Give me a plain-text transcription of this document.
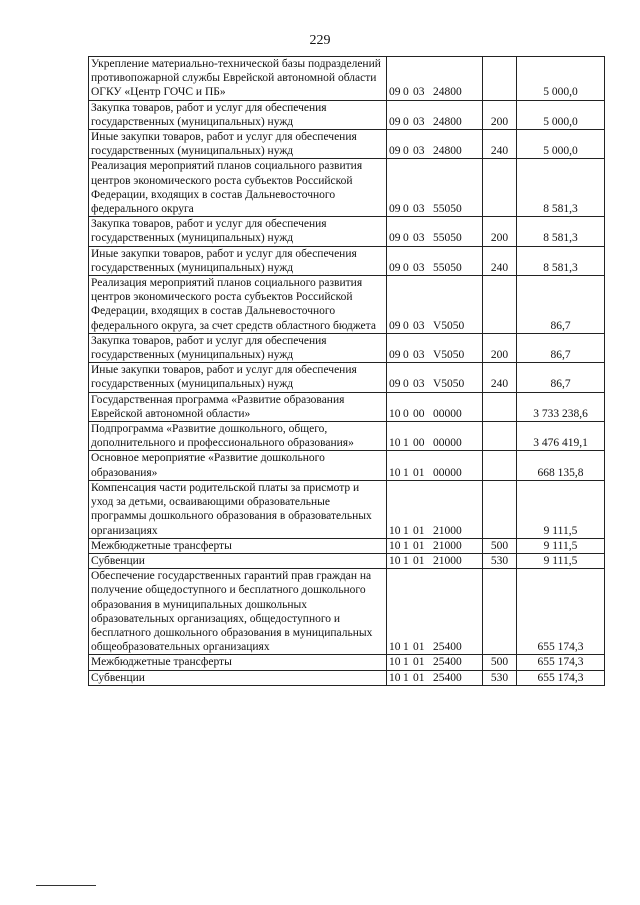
229
Укрепление материально-технической базы подразделений противопожарной службы Еврейской автономной области ОГКУ «Центр ГОЧС и ПБ»	09 0 03 24800		5 000,0
Закупка товаров, работ и услуг для обеспечения государственных (муниципальных) нужд	09 0 03 24800	200	5 000,0
Иные закупки товаров, работ и услуг для обеспечения государственных (муниципальных) нужд	09 0 03 24800	240	5 000,0
Реализация мероприятий планов социального развития центров экономического роста субъектов Российской Федерации, входящих в состав Дальневосточного федерального округа	09 0 03 55050		8 581,3
Закупка товаров, работ и услуг для обеспечения государственных (муниципальных) нужд	09 0 03 55050	200	8 581,3
Иные закупки товаров, работ и услуг для обеспечения государственных (муниципальных) нужд	09 0 03 55050	240	8 581,3
Реализация мероприятий планов социального развития центров экономического роста субъектов Российской Федерации, входящих в состав Дальневосточного федерального округа, за счет средств областного бюджета	09 0 03 V5050		86,7
Закупка товаров, работ и услуг для обеспечения государственных (муниципальных) нужд	09 0 03 V5050	200	86,7
Иные закупки товаров, работ и услуг для обеспечения государственных (муниципальных) нужд	09 0 03 V5050	240	86,7
Государственная программа «Развитие образования Еврейской автономной области»	10 0 00 00000		3 733 238,6
Подпрограмма «Развитие дошкольного, общего, дополнительного и профессионального образования»	10 1 00 00000		3 476 419,1
Основное мероприятие «Развитие дошкольного образования»	10 1 01 00000		668 135,8
Компенсация части родительской платы за присмотр и уход за детьми, осваивающими образовательные программы дошкольного образования в образовательных организациях	10 1 01 21000		9 111,5
Межбюджетные трансферты	10 1 01 21000	500	9 111,5
Субвенции	10 1 01 21000	530	9 111,5
Обеспечение государственных гарантий прав граждан на получение общедоступного и бесплатного дошкольного образования в муниципальных дошкольных образовательных организациях, общедоступного и бесплатного дошкольного образования в муниципальных общеобразовательных организациях	10 1 01 25400		655 174,3
Межбюджетные трансферты	10 1 01 25400	500	655 174,3
Субвенции	10 1 01 25400	530	655 174,3
